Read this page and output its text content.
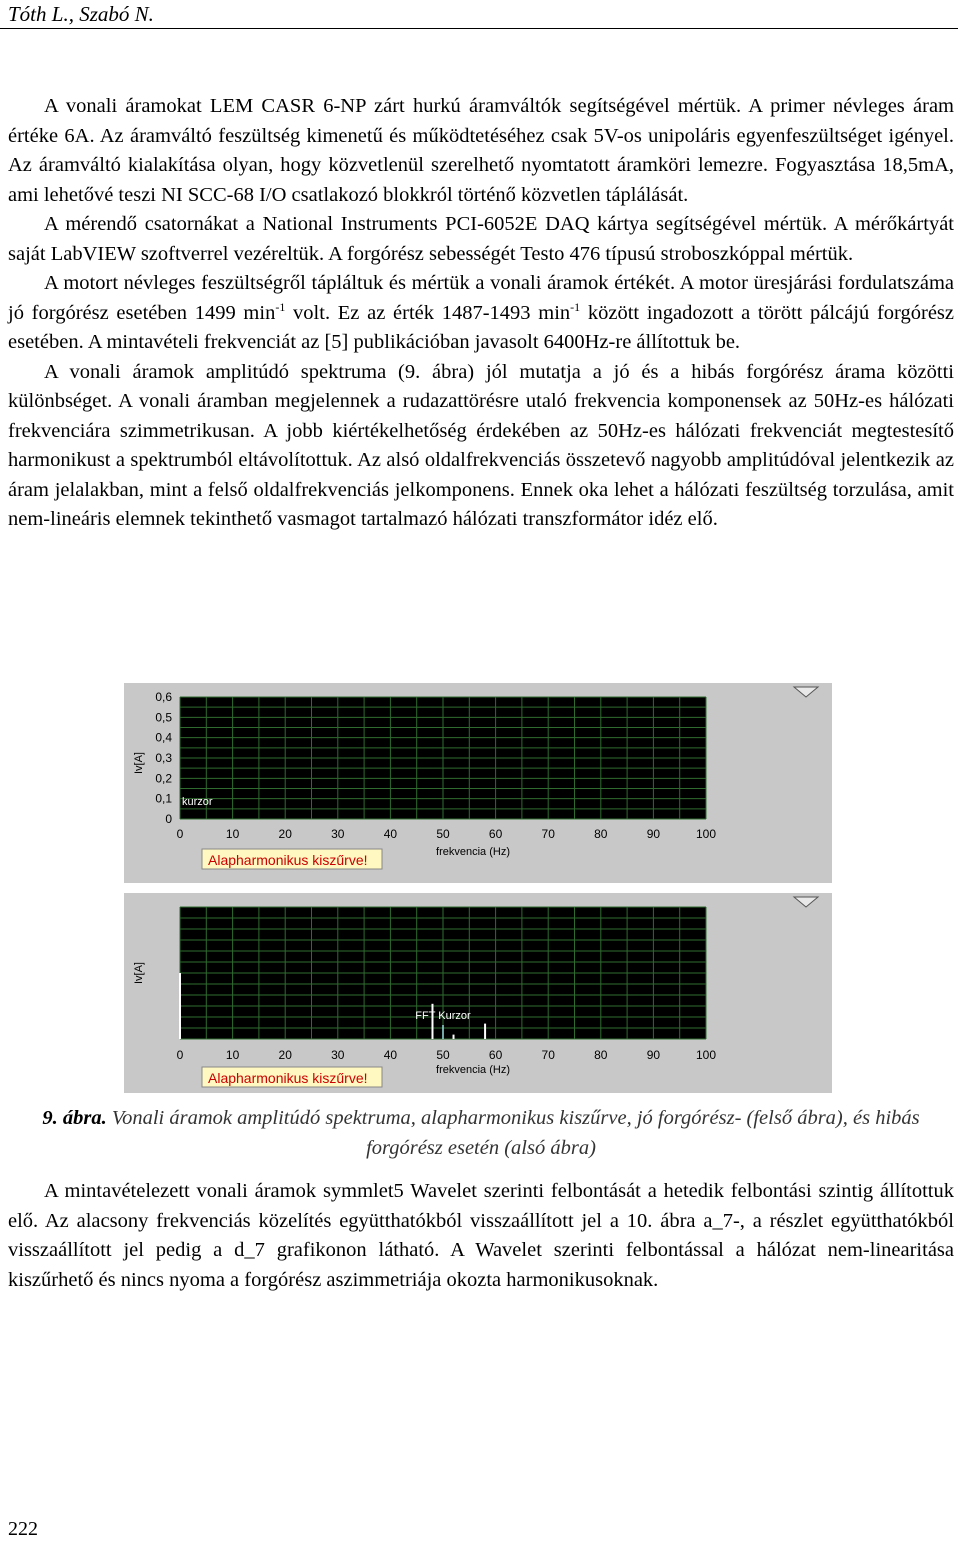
Tóth L., Szabó N.

A vonali áramokat LEM CASR 6-NP zárt hurkú áramváltók segítségével mértük. A primer névleges áram értéke 6A. Az áramváltó feszültség kimenetű és működtetéséhez csak 5V-os unipoláris egyenfeszültséget igényel. Az áramváltó kialakítása olyan, hogy közvetlenül szerelhető nyomtatott áramköri lemezre. Fogyasztása 18,5mA, ami lehetővé teszi NI SCC-68 I/O csatlakozó blokkról történő közvetlen táplálását.

A mérendő csatornákat a National Instruments PCI-6052E DAQ kártya segítségével mértük. A mérőkártyát saját LabVIEW szoftverrel vezéreltük. A forgórész sebességét Testo 476 típusú stroboszkóppal mértük.

A motort névleges feszültségről tápláltuk és mértük a vonali áramok értékét. A motor üresjárási fordulatszáma jó forgórész esetében 1499 $\min^{-1}$ volt. Ez az érték 1487-1493 $\min^{-1}$ között ingadozott a törött pálcájú forgórész esetében. A mintavételi frekvenciát az [5] publikációban javasolt 6400Hz-re állítottuk be.

A vonali áramok amplitúdó spektruma (9. ábra) jól mutatja a jó és a hibás forgórész árama közötti különbséget. A vonali áramban megjelennek a rudazattörésre utaló frekvencia komponensek az 50Hz-es hálózati frekvenciára szimmetrikusan. A jobb kiértékelhetőség érdekében az 50Hz-es hálózati frekvenciát megtestesítő harmonikust a spektrumból eltávolítottuk. Az alsó oldalfrekvenciás összetevő nagyobb amplitúdóval jelentkezik az áram jelalakban, mint a felső oldalfrekvenciás jelkomponens. Ennek oka lehet a hálózati feszültség torzulása, amit nem-lineáris elemnek tekinthető vasmagot tartalmazó hálózati transzformátor idéz elő.

0
0,1
0,2
0,3
0,4
0,5
0,6
0	10	20	30	40	50	60	70	80	90	100
frekvencia (Hz)
Iv[A]
kurzor
Alapharmonikus kiszűrve!
0	10	20	30	40	50	60	70	80	90	100
frekvencia (Hz)
Iv[A]
FFT Kurzor
Alapharmonikus kiszűrve!
9. ábra. Vonali áramok amplitúdó spektruma, alapharmonikus kiszűrve, jó forgórész- (felső ábra), és hibás forgórész esetén (alsó ábra)

A mintavételezett vonali áramok symmlet5 Wavelet szerinti felbontását a hetedik felbontási szintig állítottuk elő. Az alacsony frekvenciás közelítés együtthatókból visszaállított jel a 10. ábra a_7-, a részlet együtthatókból visszaállított jel pedig a d_7 grafikonon látható. A Wavelet szerinti felbontással a hálózat nem-linearitása kiszűrhető és nincs nyoma a forgórész aszimmetriája okozta harmonikusoknak.

222
